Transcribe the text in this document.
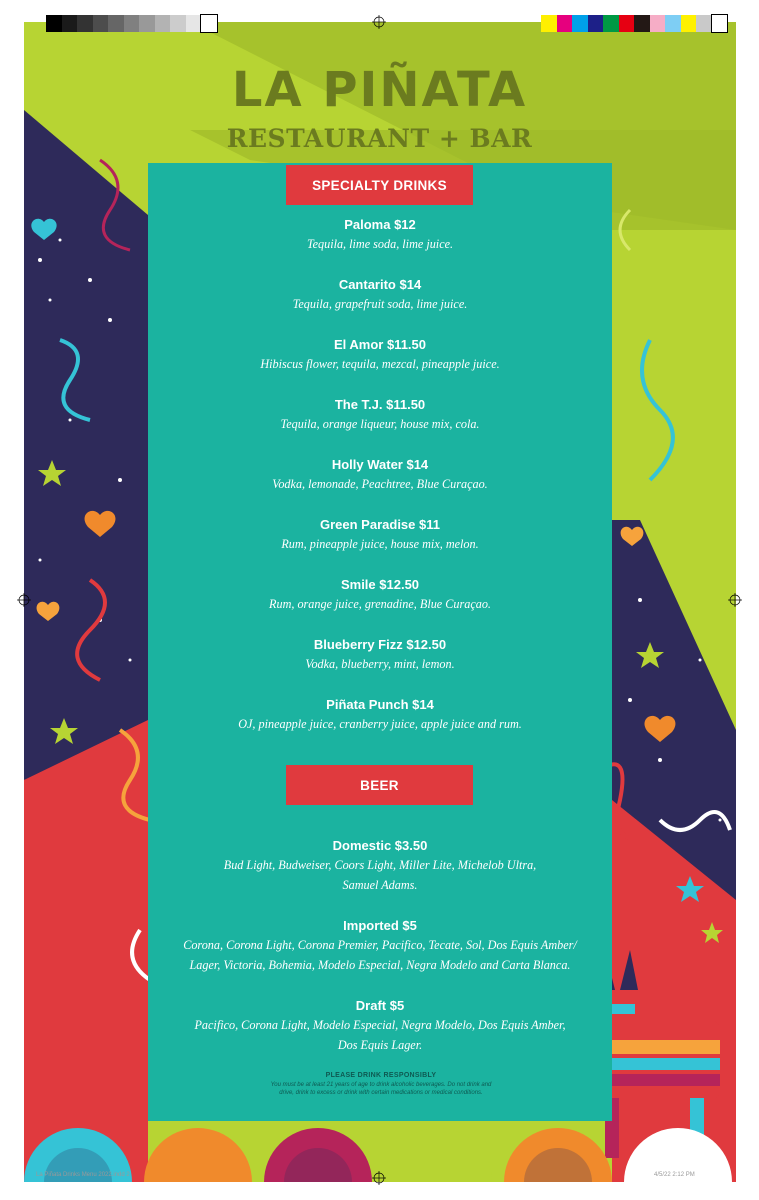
LA PIÑATA
RESTAURANT + BAR
SPECIALTY DRINKS
Paloma $12
Tequila, lime soda, lime juice.
Cantarito $14
Tequila, grapefruit soda, lime juice.
El Amor $11.50
Hibiscus flower, tequila, mezcal, pineapple juice.
The T.J. $11.50
Tequila, orange liqueur, house mix, cola.
Holly Water $14
Vodka, lemonade, Peachtree, Blue Curaçao.
Green Paradise $11
Rum, pineapple juice, house mix, melon.
Smile $12.50
Rum, orange juice, grenadine, Blue Curaçao.
Blueberry Fizz $12.50
Vodka, blueberry, mint, lemon.
Piñata Punch $14
OJ, pineapple juice, cranberry juice, apple juice and rum.
BEER
Domestic $3.50
Bud Light, Budweiser, Coors Light, Miller Lite, Michelob Ultra,
Samuel Adams.
Imported $5
Corona, Corona Light, Corona Premier, Pacifico, Tecate, Sol, Dos Equis Amber/
Lager, Victoria, Bohemia, Modelo Especial, Negra Modelo and Carta Blanca.
Draft $5
Pacifico, Corona Light, Modelo Especial, Negra Modelo, Dos Equis Amber,
Dos Equis Lager.
PLEASE DRINK RESPONSIBLY
You must be at least 21 years of age to drink alcoholic beverages. Do not drink and
drive, drink to excess or drink with certain medications or medical conditions.
La Piñata Drinks Menu 2022.indd 2	4/5/22 2:12 PM
